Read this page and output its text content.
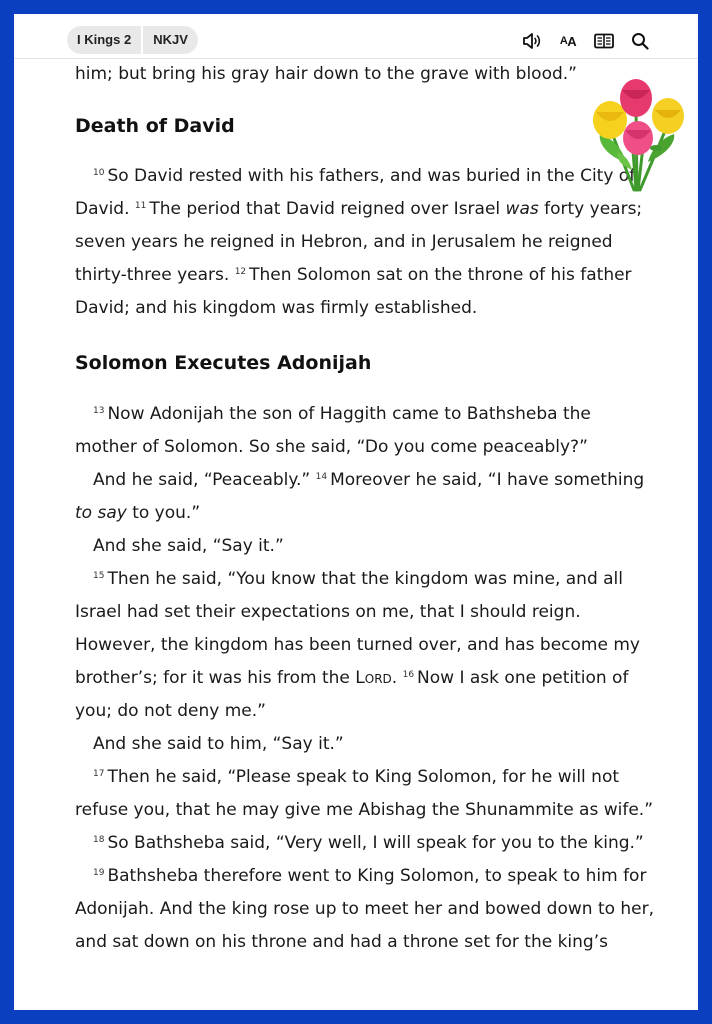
I Kings 2	NKJV	A A

him; but bring his gray hair down to the grave with blood.”

Death of David

$^{10}$ So David rested with his fathers, and was buried in the City of David. $^{11}$ The period that David reigned over Israel was forty years; seven years he reigned in Hebron, and in Jerusalem he reigned thirty-three years. $^{12}$ Then Solomon sat on the throne of his father David; and his kingdom was firmly established.

Solomon Executes Adonijah

$^{13}$ Now Adonijah the son of Haggith came to Bathsheba the mother of Solomon. So she said, “Do you come peaceably?”

And he said, “Peaceably.” $^{14}$ Moreover he said, “I have something to say to you.”

And she said, “Say it.”

$^{15}$ Then he said, “You know that the kingdom was mine, and all Israel had set their expectations on me, that I should reign. However, the kingdom has been turned over, and has become my brother’s; for it was his from the Lord. $^{16}$ Now I ask one petition of you; do not deny me.”

And she said to him, “Say it.”

$^{17}$ Then he said, “Please speak to King Solomon, for he will not refuse you, that he may give me Abishag the Shunammite as wife.”

$^{18}$ So Bathsheba said, “Very well, I will speak for you to the king.”

$^{19}$ Bathsheba therefore went to King Solomon, to speak to him for Adonijah. And the king rose up to meet her and bowed down to her, and sat down on his throne and had a throne set for the king’s
